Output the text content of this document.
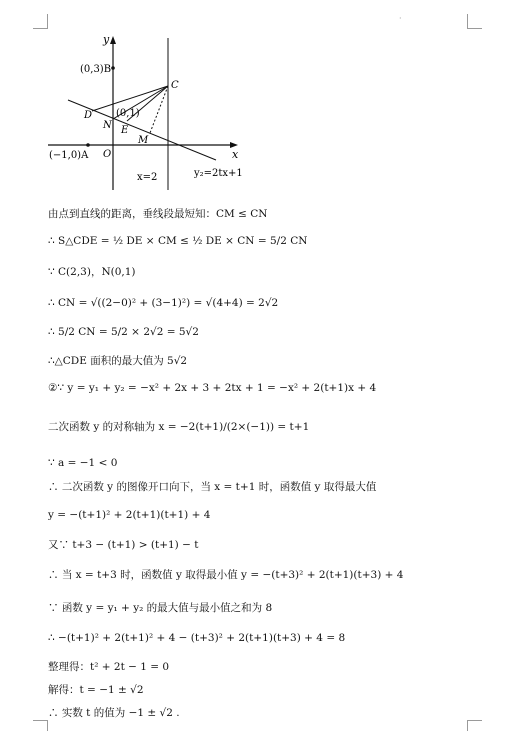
·
y
x
O
(0,3)B
C
D
N
(0,1)
E
M
(−1,0)A
x=2	y₂=2tx+1
由点到直线的距离，垂线段最短知：CM ≤ CN
∴ S△CDE = ½ DE × CM ≤ ½ DE × CN = 5/2 CN
∵ C(2,3)，N(0,1)
∴ CN = √((2−0)² + (3−1)²) = √(4+4) = 2√2
∴ 5/2 CN = 5/2 × 2√2 = 5√2
∴△CDE 面积的最大值为 5√2
②∵ y = y₁ + y₂ = −x² + 2x + 3 + 2tx + 1 = −x² + 2(t+1)x + 4
二次函数 y 的对称轴为 x = −2(t+1)/(2×(−1)) = t+1
∵ a = −1 < 0
∴ 二次函数 y 的图像开口向下，当 x = t+1 时，函数值 y 取得最大值
y = −(t+1)² + 2(t+1)(t+1) + 4
又∵ t+3 − (t+1) > (t+1) − t
∴ 当 x = t+3 时，函数值 y 取得最小值 y = −(t+3)² + 2(t+1)(t+3) + 4
∵ 函数 y = y₁ + y₂ 的最大值与最小值之和为 8
∴ −(t+1)² + 2(t+1)² + 4 − (t+3)² + 2(t+1)(t+3) + 4 = 8
整理得：t² + 2t − 1 = 0
解得：t = −1 ± √2
∴ 实数 t 的值为 −1 ± √2 .
